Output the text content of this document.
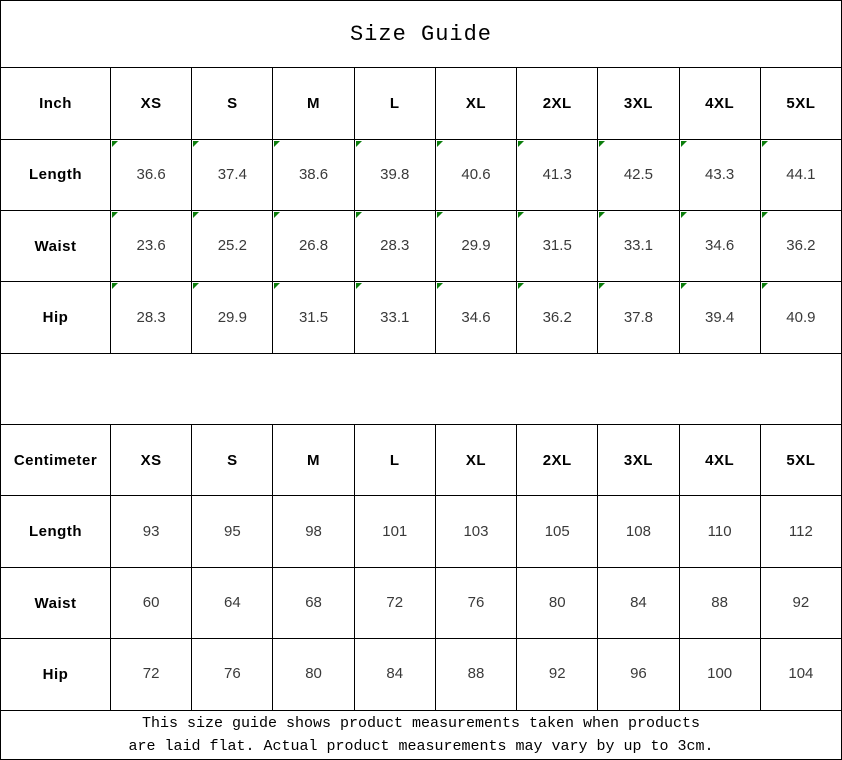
Size Guide									
Inch	XS	S	M	L	XL	2XL	3XL	4XL	5XL
Length	36.6	37.4	38.6	39.8	40.6	41.3	42.5	43.3	44.1
Waist	23.6	25.2	26.8	28.3	29.9	31.5	33.1	34.6	36.2
Hip	28.3	29.9	31.5	33.1	34.6	36.2	37.8	39.4	40.9

Centimeter	XS	S	M	L	XL	2XL	3XL	4XL	5XL
Length	93	95	98	101	103	105	108	110	112
Waist	60	64	68	72	76	80	84	88	92
Hip	72	76	80	84	88	92	96	100	104

This size guide shows product measurements taken when products
are laid flat. Actual product measurements may vary by up to 3cm.									
